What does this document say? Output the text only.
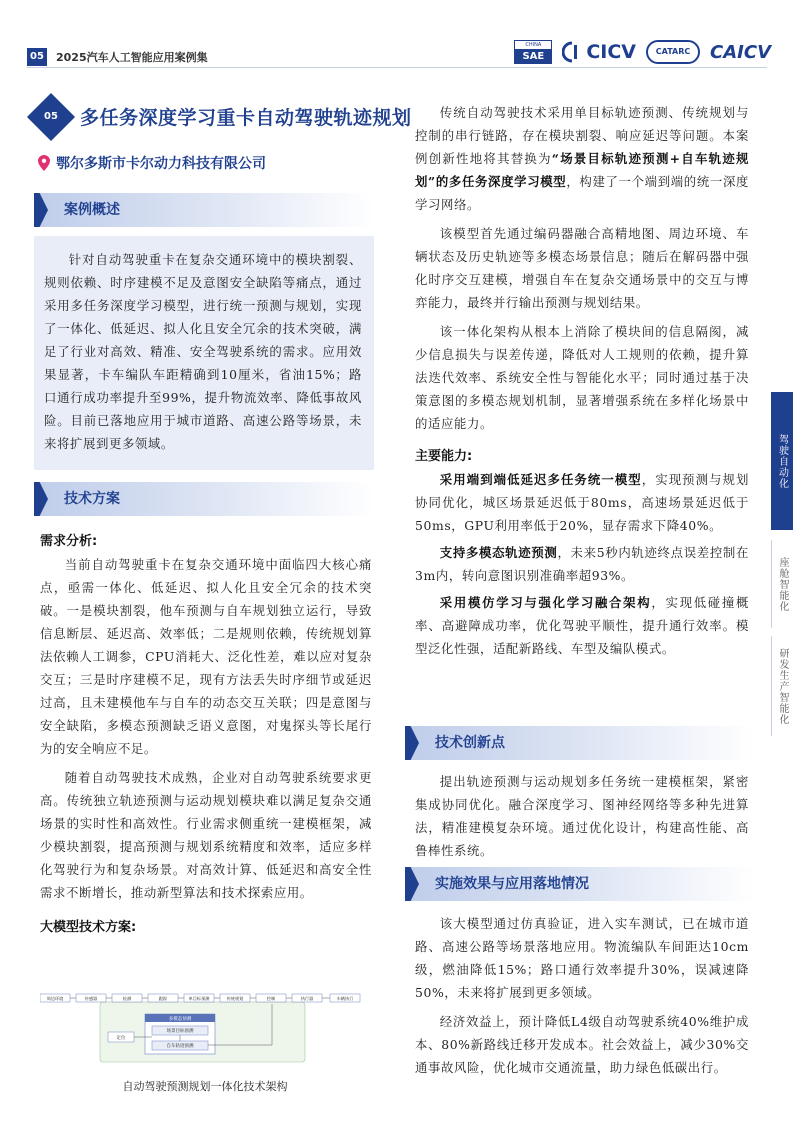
05 2025汽车人工智能应用案例集
CHINA
SAE	CICV	CATARC	CAICV
05	多任务深度学习重卡自动驾驶轨迹规划
鄂尔多斯市卡尔动力科技有限公司
案例概述

针对自动驾驶重卡在复杂交通环境中的模块割裂、规则依赖、时序建模不足及意图安全缺陷等痛点，通过采用多任务深度学习模型，进行统一预测与规划，实现了一体化、低延迟、拟人化且安全冗余的技术突破，满足了行业对高效、精准、安全驾驶系统的需求。应用效果显著，卡车编队车距精确到10厘米，省油15%；路口通行成功率提升至99%，提升物流效率、降低事故风险。目前已落地应用于城市道路、高速公路等场景，未来将扩展到更多领域。

技术方案
需求分析:

当前自动驾驶重卡在复杂交通环境中面临四大核心痛点，亟需一体化、低延迟、拟人化且安全冗余的技术突破。一是模块割裂，他车预测与自车规划独立运行，导致信息断层、延迟高、效率低；二是规则依赖，传统规划算法依赖人工调参，CPU消耗大、泛化性差，难以应对复杂交互；三是时序建模不足，现有方法丢失时序细节或延迟过高，且未建模他车与自车的动态交互关联；四是意图与安全缺陷，多模态预测缺乏语义意图，对鬼探头等长尾行为的安全响应不足。

随着自动驾驶技术成熟，企业对自动驾驶系统要求更高。传统独立轨迹预测与运动规划模块难以满足复杂交通场景的实时性和高效性。行业需求侧重统一建模框架，减少模块割裂，提高预测与规划系统精度和效率，适应多样化驾驶行为和复杂场景。对高效计算、低延迟和高安全性需求不断增长，推动新型算法和技术探索应用。

大模型技术方案:
周边环境	传感器	检测	跟踪	单目标预测	传统规划	控制	执行器	车辆执行
多模态预测
场景目标预测
自车轨迹预测
定位
自动驾驶预测规划一体化技术架构

传统自动驾驶技术采用单目标轨迹预测、传统规划与控制的串行链路，存在模块割裂、响应延迟等问题。本案例创新性地将其替换为“场景目标轨迹预测+自车轨迹规划”的多任务深度学习模型，构建了一个端到端的统一深度学习网络。

该模型首先通过编码器融合高精地图、周边环境、车辆状态及历史轨迹等多模态场景信息；随后在解码器中强化时序交互建模，增强自车在复杂交通场景中的交互与博弈能力，最终并行输出预测与规划结果。

该一体化架构从根本上消除了模块间的信息隔阂，减少信息损失与误差传递，降低对人工规则的依赖，提升算法迭代效率、系统安全性与智能化水平；同时通过基于决策意图的多模态规划机制，显著增强系统在多样化场景中的适应能力。

主要能力:

采用端到端低延迟多任务统一模型，实现预测与规划协同优化，城区场景延迟低于80ms，高速场景延迟低于50ms，GPU利用率低于20%，显存需求下降40%。

支持多模态轨迹预测，未来5秒内轨迹终点误差控制在3m内，转向意图识别准确率超93%。

采用模仿学习与强化学习融合架构，实现低碰撞概率、高避障成功率，优化驾驶平顺性，提升通行效率。模型泛化性强，适配新路线、车型及编队模式。

技术创新点

提出轨迹预测与运动规划多任务统一建模框架，紧密集成协同优化。融合深度学习、图神经网络等多种先进算法，精准建模复杂环境。通过优化设计，构建高性能、高鲁棒性系统。

实施效果与应用落地情况

该大模型通过仿真验证，进入实车测试，已在城市道路、高速公路等场景落地应用。物流编队车间距达10cm级，燃油降低15%；路口通行效率提升30%，误减速降50%，未来将扩展到更多领域。

经济效益上，预计降低L4级自动驾驶系统40%维护成本、80%新路线迁移开发成本。社会效益上，减少30%交通事故风险，优化城市交通流量，助力绿色低碳出行。

驾驶自动化
座舱智能化
研发生产智能化
